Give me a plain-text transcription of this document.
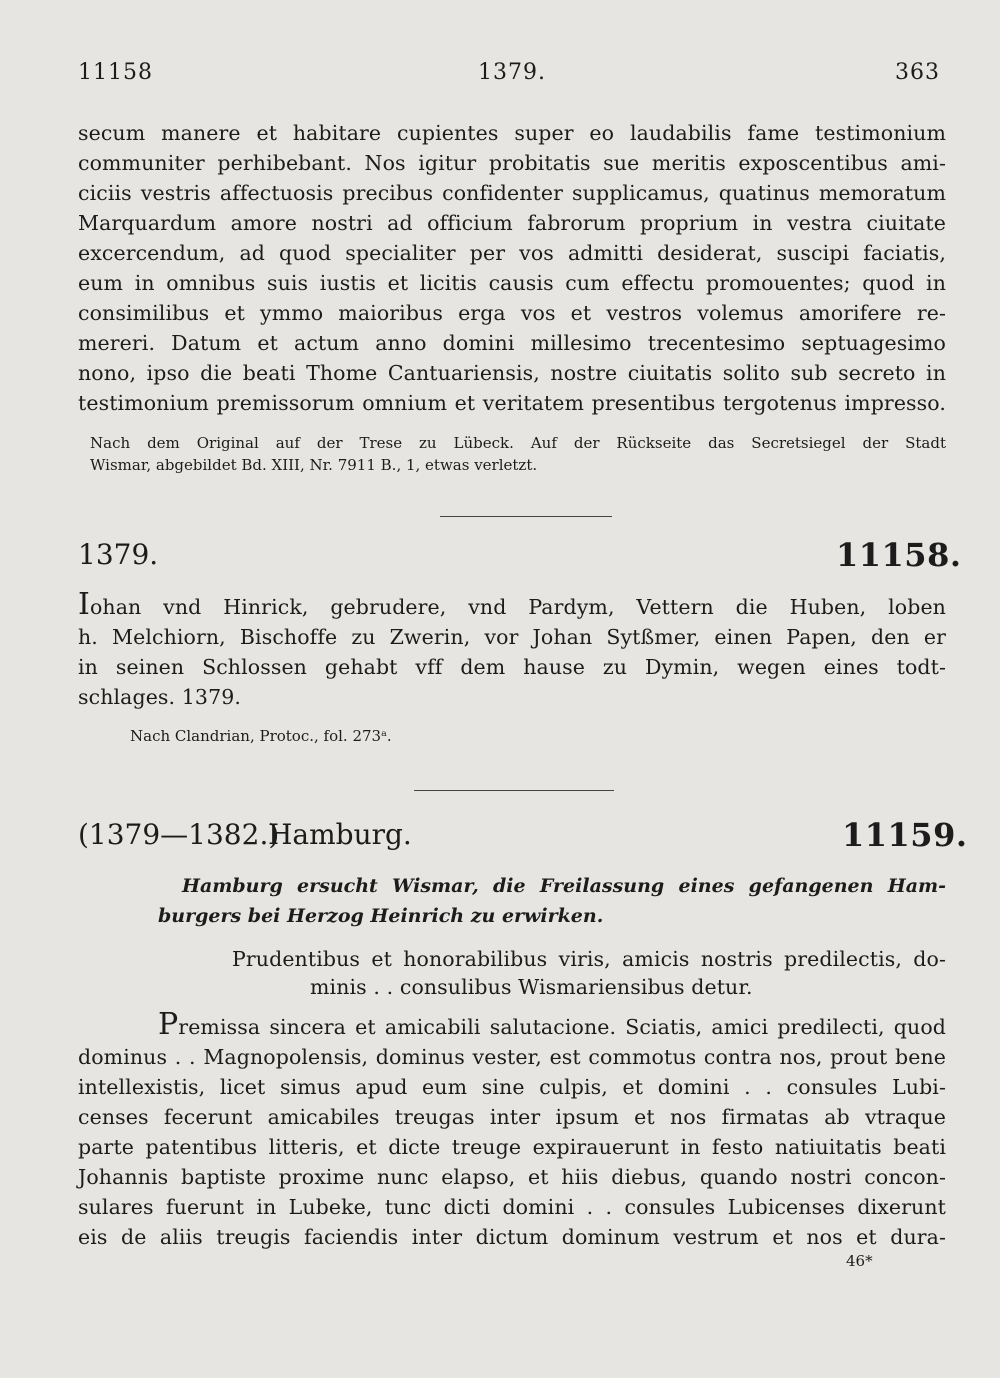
11158	1379.	363
secum manere et habitare cupientes super eo laudabilis fame testimonium
communiter perhibebant. Nos igitur probitatis sue meritis exposcentibus ami-
ciciis vestris affectuosis precibus confidenter supplicamus, quatinus memoratum
Marquardum amore nostri ad officium fabrorum proprium in vestra ciuitate
excercendum, ad quod specialiter per vos admitti desiderat, suscipi faciatis,
eum in omnibus suis iustis et licitis causis cum effectu promouentes; quod in
consimilibus et ymmo maioribus erga vos et vestros volemus amorifere re-
mereri. Datum et actum anno domini millesimo trecentesimo septuagesimo
nono, ipso die beati Thome Cantuariensis, nostre ciuitatis solito sub secreto in
testimonium premissorum omnium et veritatem presentibus tergotenus impresso.
Nach dem Original auf der Trese zu Lübeck. Auf der Rückseite das Secretsiegel der Stadt
Wismar, abgebildet Bd. XIII, Nr. 7911 B., 1, etwas verletzt.
1379.	11158.
Iohan vnd Hinrick, gebrudere, vnd Pardym, Vettern die Huben, loben
h. Melchiorn, Bischoffe zu Zwerin, vor Johan Sytßmer, einen Papen, den er
in seinen Schlossen gehabt vff dem hause zu Dymin, wegen eines todt-
schlages. 1379.
Nach Clandrian, Protoc., fol. 273ᵃ.
(1379—1382.)
Hamburg.	11159.
Hamburg ersucht Wismar, die Freilassung eines gefangenen Ham-
burgers bei Herzog Heinrich zu erwirken.
Prudentibus et honorabilibus viris, amicis nostris predilectis, do-
minis . . consulibus Wismariensibus detur.
Premissa sincera et amicabili salutacione. Sciatis, amici predilecti, quod
dominus . . Magnopolensis, dominus vester, est commotus contra nos, prout bene
intellexistis, licet simus apud eum sine culpis, et domini . . consules Lubi-
censes fecerunt amicabiles treugas inter ipsum et nos firmatas ab vtraque
parte patentibus litteris, et dicte treuge expirauerunt in festo natiuitatis beati
Johannis baptiste proxime nunc elapso, et hiis diebus, quando nostri concon-
sulares fuerunt in Lubeke, tunc dicti domini . . consules Lubicenses dixerunt
eis de aliis treugis faciendis inter dictum dominum vestrum et nos et dura-
46*
